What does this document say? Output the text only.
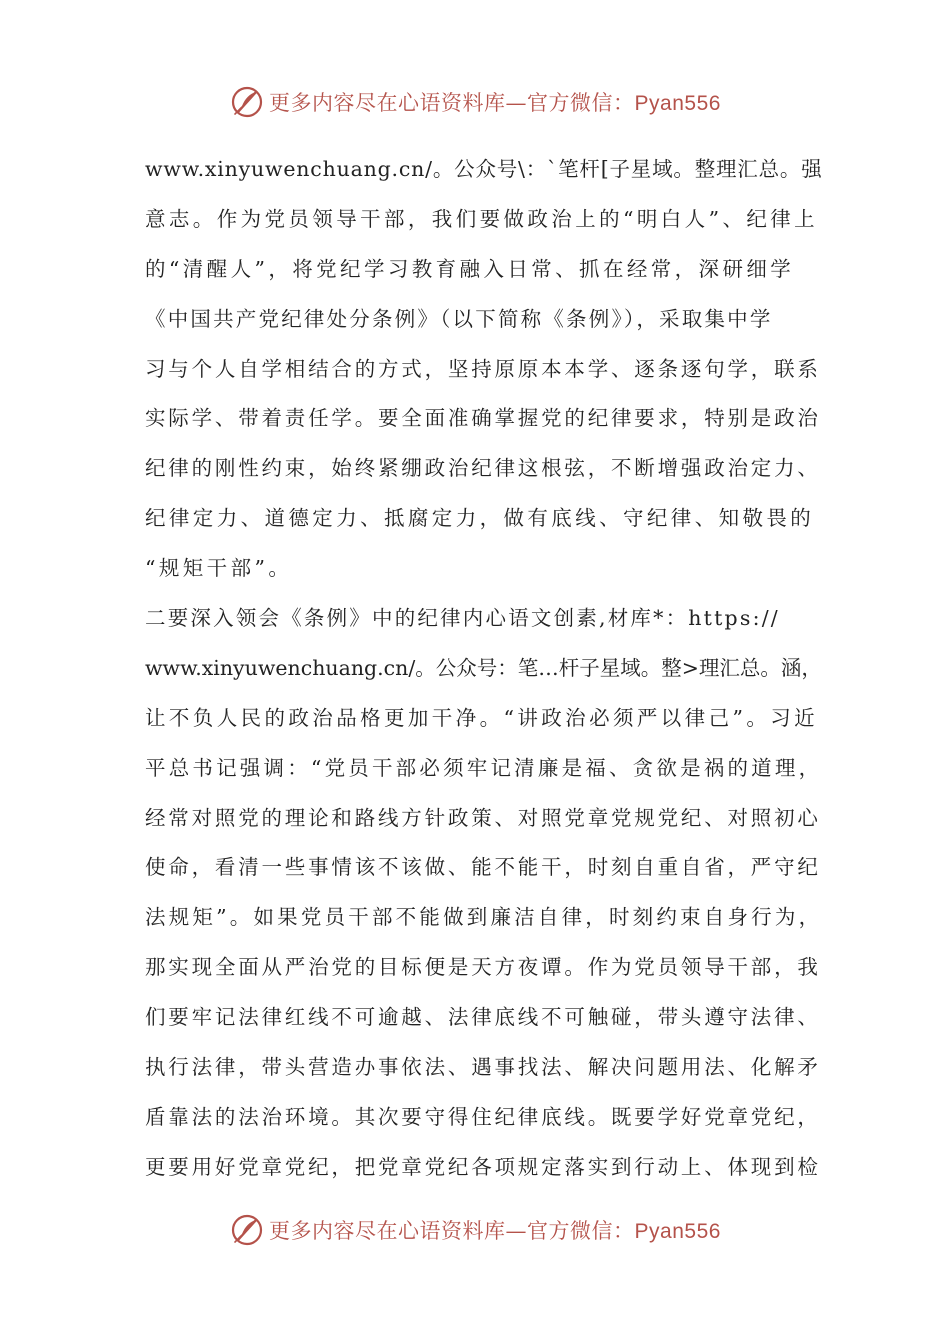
更多内容尽在心语资料库—官方微信：Pyan556
www.xinyuwenchuang.cn/。公众号\：`笔杆[子星域。整理汇总。强
意志。作为党员领导干部，我们要做政治上的“明白人”、纪律上
的“清醒人”，将党纪学习教育融入日常、抓在经常，深研细学
《中国共产党纪律处分条例》（以下简称《条例》），采取集中学
习与个人自学相结合的方式，坚持原原本本学、逐条逐句学，联系
实际学、带着责任学。要全面准确掌握党的纪律要求，特别是政治
纪律的刚性约束，始终紧绷政治纪律这根弦，不断增强政治定力、
纪律定力、道德定力、抵腐定力，做有底线、守纪律、知敬畏的
“规矩干部”。
二要深入领会《条例》中的纪律内心语文创素,材库*：https://
www.xinyuwenchuang.cn/。公众号：笔…杆子星域。整>理汇总。涵，
让不负人民的政治品格更加干净。“讲政治必须严以律己”。习近
平总书记强调：“党员干部必须牢记清廉是福、贪欲是祸的道理，
经常对照党的理论和路线方针政策、对照党章党规党纪、对照初心
使命，看清一些事情该不该做、能不能干，时刻自重自省，严守纪
法规矩”。如果党员干部不能做到廉洁自律，时刻约束自身行为，
那实现全面从严治党的目标便是天方夜谭。作为党员领导干部，我
们要牢记法律红线不可逾越、法律底线不可触碰，带头遵守法律、
执行法律，带头营造办事依法、遇事找法、解决问题用法、化解矛
盾靠法的法治环境。其次要守得住纪律底线。既要学好党章党纪，
更要用好党章党纪，把党章党纪各项规定落实到行动上、体现到检
更多内容尽在心语资料库—官方微信：Pyan556
